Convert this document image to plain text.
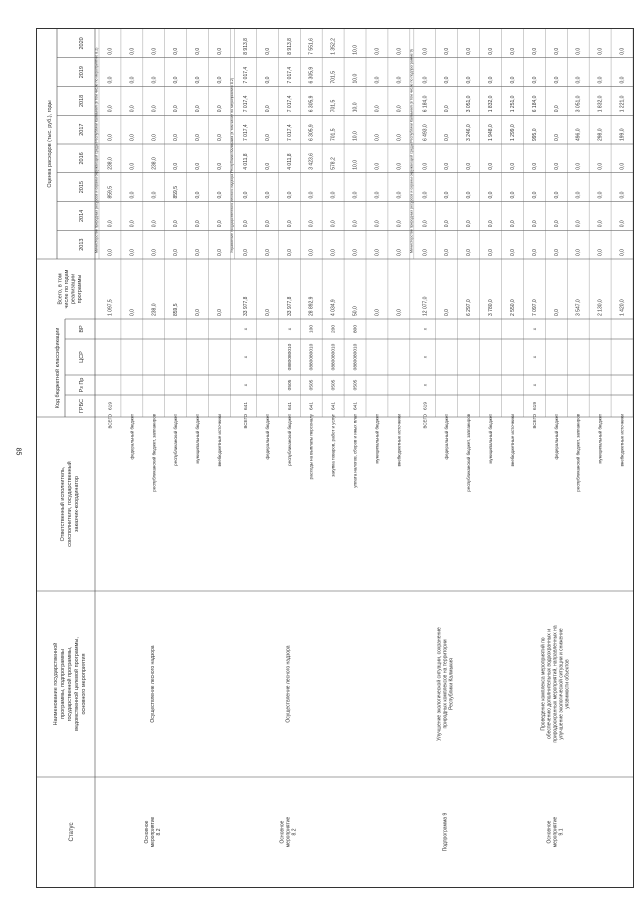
85
Статус
Наименование государственной программы, подпрограммы государственной программы, ведомственной целевой программы, основного мероприятия
Ответственный исполнитель, соисполнители, государственный заказчик-координатор
Код бюджетной классификации	ГРБС
Рз Пр
ЦСР
ВР
Всего, в том числе по годам реализации программы
Оценка расходов (тыс. руб.), годы
2013
2014
2015
2016
2017
2018
2019
2020
Министерство природных ресурсов и охраны окружающей среды Республики Калмыкия (в том числе по мероприятию 8.2)
ВСЕГО
619
1 097,5
0,0
0,0
859,5
238,0
0,0
0,0
0,0
0,0
федеральный бюджет
0,0
0,0
0,0
0,0
0,0
0,0
0,0
0,0
0,0
республиканский бюджет, запланиров
238,0
0,0
0,0
0,0
238,0
0,0
0,0
0,0
0,0
Основное мероприятие 8.2
Осуществление лесного надзора
республиканский бюджет
859,5
0,0
0,0
859,5
0,0
0,0
0,0
0,0
0,0
муниципальный бюджет
0,0
0,0
0,0
0,0
0,0
0,0
0,0
0,0
0,0
внебюджетные источники
0,0
0,0
0,0
0,0
0,0
0,0
0,0
0,0
0,0
Управление государственного лесного надзора Республики Калмыкия (в том числе по мероприятию 8.2)
ВСЕГО
641
x
x
x
33 977,8
0,0
0,0
0,0
4 011,8
7 017,4
7 017,4
7 017,4
8 913,8
федеральный бюджет
0,0
0,0
0,0
0,0
0,0
0,0
0,0
0,0
0,0
республиканский бюджет
641
0505
0880080010
x
33 977,8
0,0
0,0
0,0
4 011,8
7 017,4
7 017,4
7 017,4
8 913,8
Основное мероприятие 8.2
Осуществление лесного надзора
расходы на выплаты персоналу
641
0505
0880080010
100
28 892,9
0,0
0,0
0,0
3 423,6
6 305,9
6 305,9
6 305,9
7 551,6
закупка товаров, работ и услуг
641
0505
0880080010
200
4 034,9
0,0
0,0
0,0
578,2
701,5
701,5
701,5
1 352,2
уплата налогов, сборов и иных плат
641
0505
0880080010
800
50,0
0,0
0,0
0,0
10,0
10,0
10,0
10,0
10,0
муниципальный бюджет
0,0
0,0
0,0
0,0
0,0
0,0
0,0
0,0
0,0
внебюджетные источники
0,0
0,0
0,0
0,0
0,0
0,0
0,0
0,0
0,0 Министерство природных ресурсов и охраны окружающей среды Республики Калмыкия (в том числе по подпрограмме 9)
ВСЕГО
619
x
x
x
12 077,0
0,0
0,0
0,0
0,0
6 493,0
6 184,0
0,0
0,0
федеральный бюджет
0,0
0,0
0,0
0,0
0,0
0,0
0,0
0,0
0,0
Подпрограмма 9
Улучшение экологической ситуации, сохранение природных комплексов на территории Республики Калмыкия
республиканский бюджет, запланиров
6 297,0
0,0
0,0
0,0
0,0
3 246,0
3 051,0
0,0
0,0
муниципальный бюджет
3 780,0
0,0
0,0
0,0
0,0
1 948,0
1 832,0
0,0
0,0
внебюджетные источники
2 550,0
0,0
0,0
0,0
0,0
1 299,0
1 251,0
0,0
0,0
ВСЕГО
619
x
x
x
7 097,0
0,0
0,0
0,0
0,0
995,0
6 184,0
0,0
0,0
федеральный бюджет
0,0
0,0
0,0
0,0
0,0
0,0
0,0
0,0
0,0
Основное мероприятие 9.1
Проведение комплекса мероприятий по обеспечению дополнительных водоохранных и природоохранных мероприятий, направленных на улучшение экологической ситуации и снижение уязвимости объектов
республиканский бюджет, запланиров
3 547,0
0,0
0,0
0,0
0,0
496,0
3 051,0
0,0
0,0
муниципальный бюджет
2 130,0
0,0
0,0
0,0
0,0
298,0
1 832,0
0,0
0,0
внебюджетные источники
1 420,0
0,0
0,0
0,0
0,0
199,0
1 221,0
0,0
0,0
